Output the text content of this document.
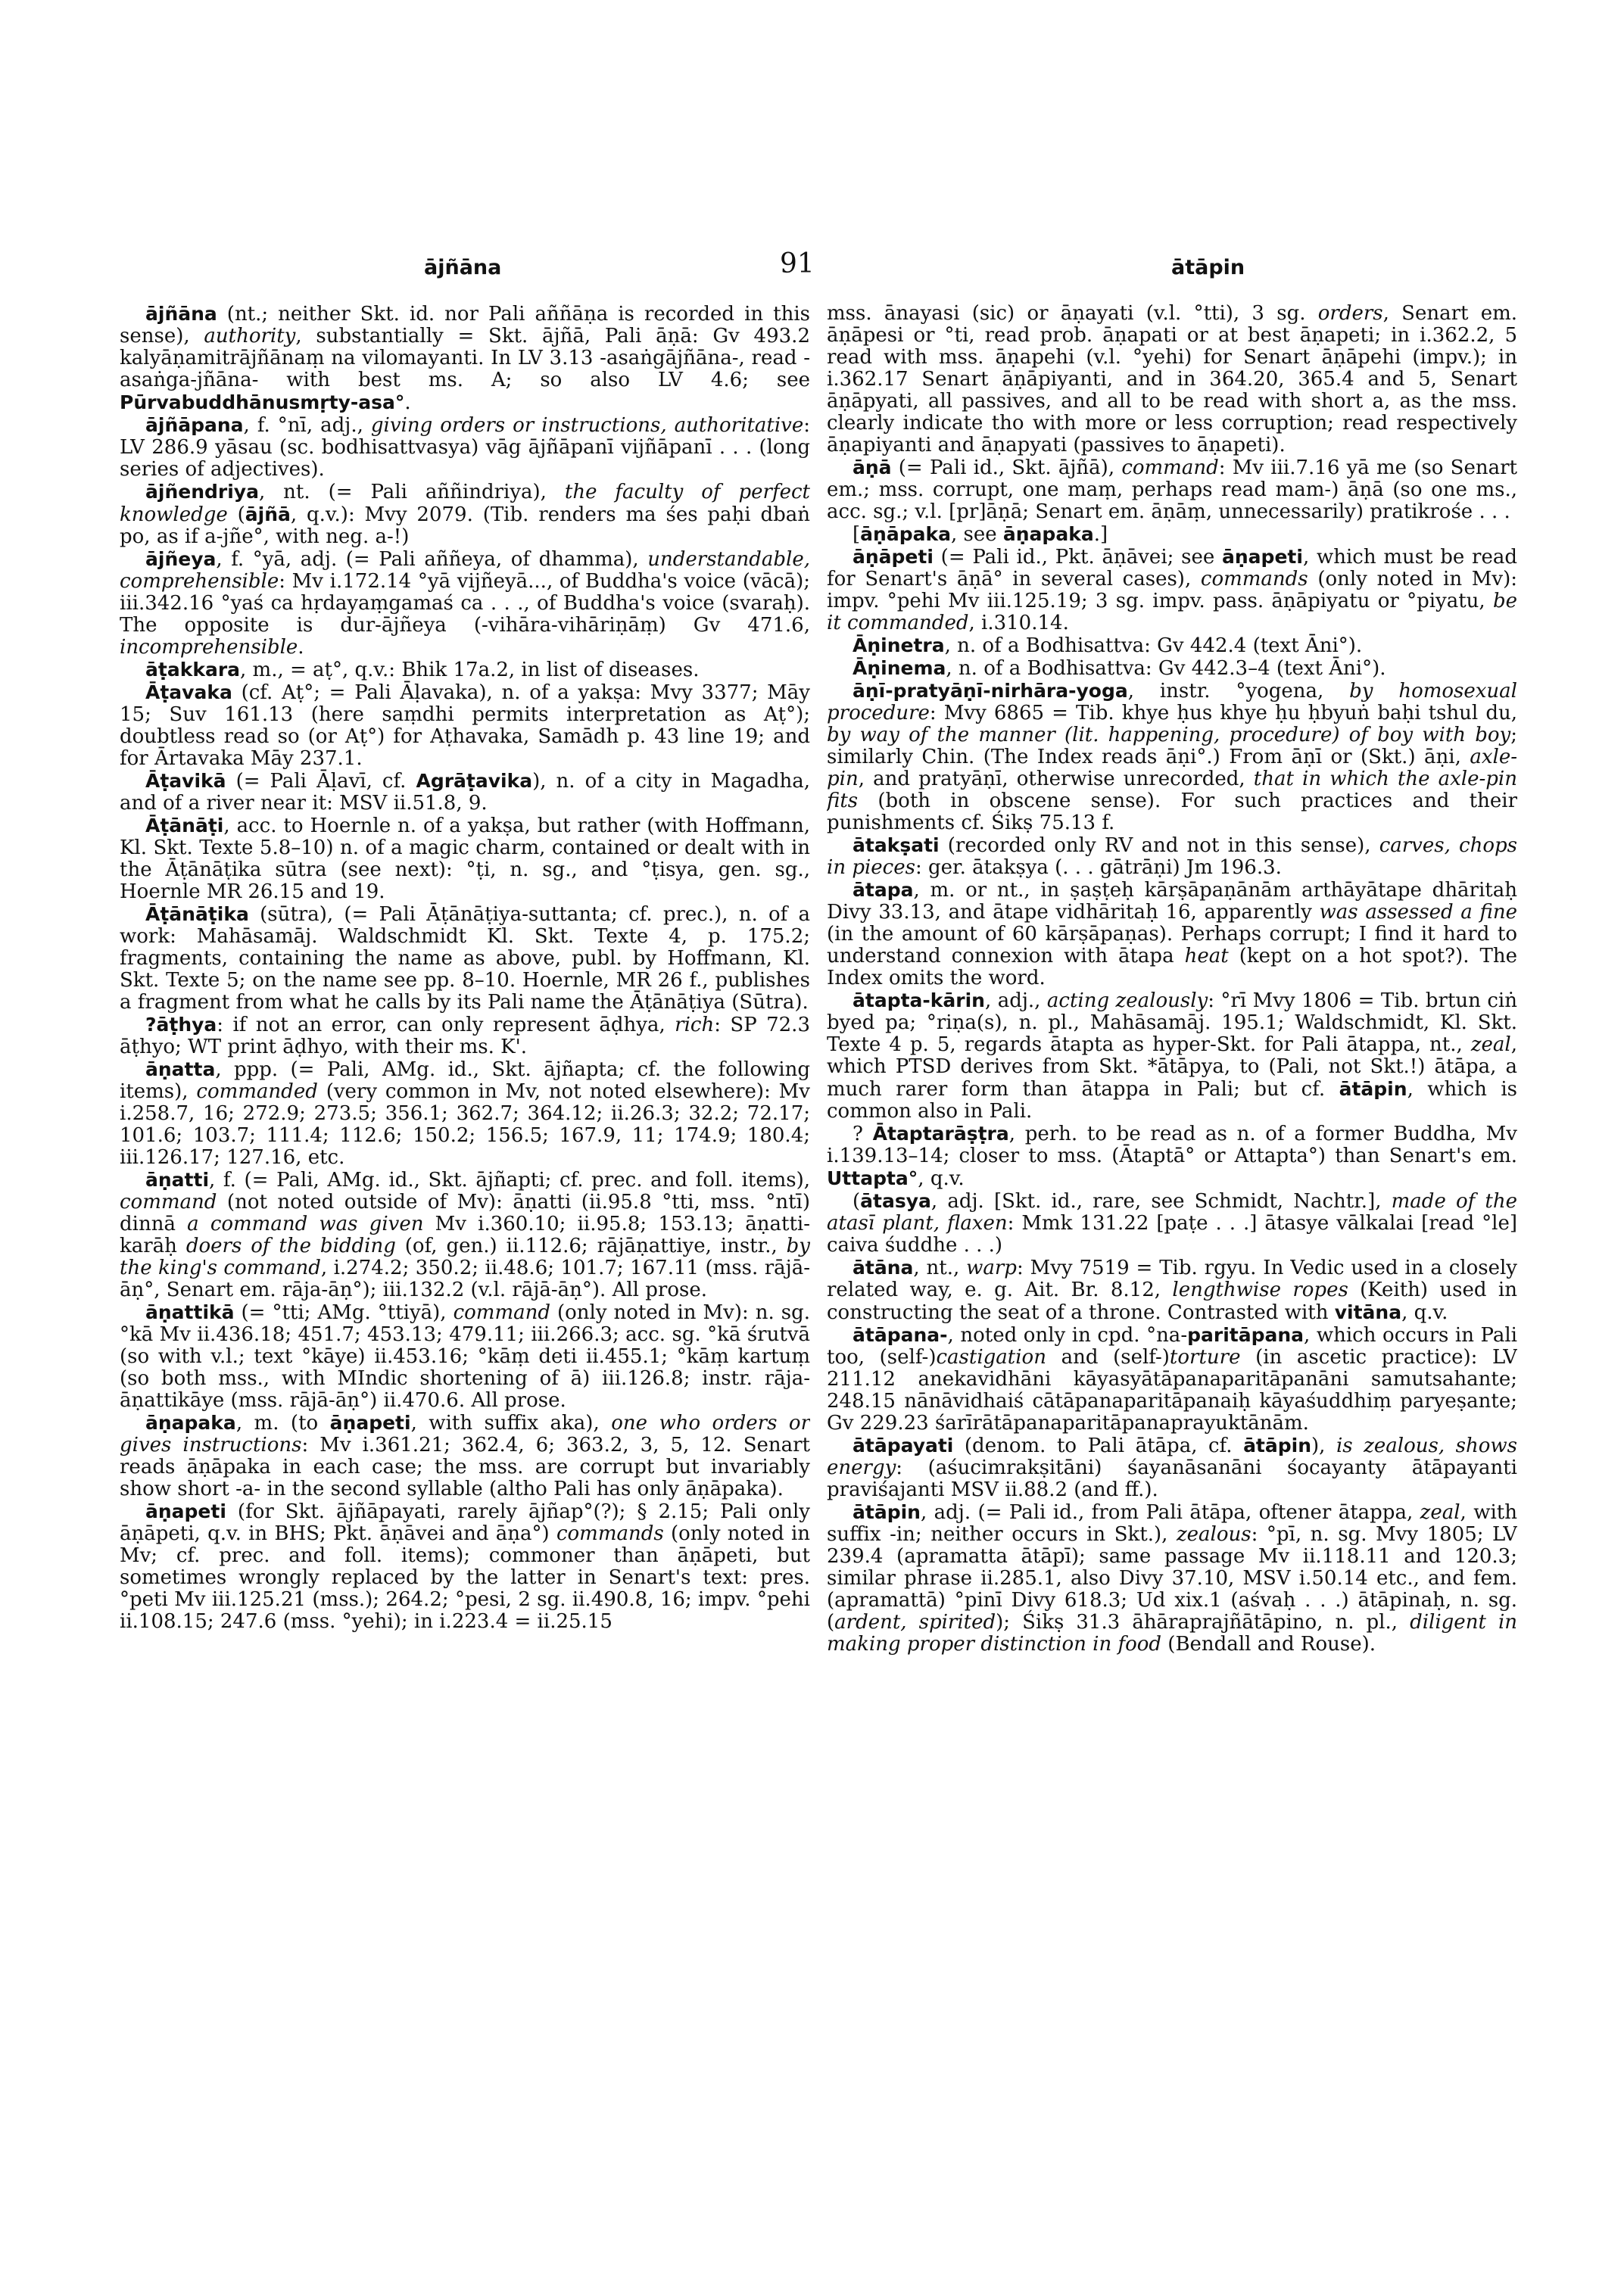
ājñāna	91	ātāpin

ājñāna (nt.; neither Skt. id. nor Pali aññāṇa is recorded in this sense), authority, substantially = Skt. ājñā, Pali āṇā: Gv 493.2 kalyāṇamitrājñānaṃ na vilomayanti. In LV 3.13 -asaṅgājñāna-, read -asaṅga-jñāna- with best ms. A; so also LV 4.6; see Pūrvabuddhānusmṛty-asa°.

ājñāpana, f. °nī, adj., giving orders or instructions, authoritative: LV 286.9 yāsau (sc. bodhisattvasya) vāg ājñāpanī vijñāpanī . . . (long series of adjectives).

ājñendriya, nt. (= Pali aññindriya), the faculty of perfect knowledge (ājñā, q.v.): Mvy 2079. (Tib. renders ma śes paḥi dbaṅ po, as if a-jñe°, with neg. a-!)

ājñeya, f. °yā, adj. (= Pali aññeya, of dhamma), understandable, comprehensible: Mv i.172.14 °yā vijñeyā..., of Buddha's voice (vācā); iii.342.16 °yaś ca hṛdayaṃgamaś ca . . ., of Buddha's voice (svaraḥ). The opposite is dur-ājñeya (-vihāra-vihāriṇāṃ) Gv 471.6, incomprehensible.

āṭakkara, m., = aṭ°, q.v.: Bhik 17a.2, in list of diseases.

Āṭavaka (cf. Aṭ°; = Pali Āḷavaka), n. of a yakṣa: Mvy 3377; Māy 15; Suv 161.13 (here saṃdhi permits interpretation as Aṭ°); doubtless read so (or Aṭ°) for Aṭhavaka, Samādh p. 43 line 19; and for Ārtavaka Māy 237.1.

Āṭavikā (= Pali Āḷavī, cf. Agrāṭavika), n. of a city in Magadha, and of a river near it: MSV ii.51.8, 9.

Āṭānāṭi, acc. to Hoernle n. of a yakṣa, but rather (with Hoffmann, Kl. Skt. Texte 5.8–10) n. of a magic charm, contained or dealt with in the Āṭānāṭika sūtra (see next): °ṭi, n. sg., and °ṭisya, gen. sg., Hoernle MR 26.15 and 19.

Āṭānāṭika (sūtra), (= Pali Āṭānāṭiya-suttanta; cf. prec.), n. of a work: Mahāsamāj. Waldschmidt Kl. Skt. Texte 4, p. 175.2; fragments, containing the name as above, publ. by Hoffmann, Kl. Skt. Texte 5; on the name see pp. 8–10. Hoernle, MR 26 f., publishes a fragment from what he calls by its Pali name the Āṭānāṭiya (Sūtra).

?āṭhya: if not an error, can only represent āḍhya, rich: SP 72.3 āṭhyo; WT print āḍhyo, with their ms. K'.

āṇatta, ppp. (= Pali, AMg. id., Skt. ājñapta; cf. the following items), commanded (very common in Mv, not noted elsewhere): Mv i.258.7, 16; 272.9; 273.5; 356.1; 362.7; 364.12; ii.26.3; 32.2; 72.17; 101.6; 103.7; 111.4; 112.6; 150.2; 156.5; 167.9, 11; 174.9; 180.4; iii.126.17; 127.16, etc.

āṇatti, f. (= Pali, AMg. id., Skt. ājñapti; cf. prec. and foll. items), command (not noted outside of Mv): āṇatti (ii.95.8 °tti, mss. °ntī) dinnā a command was given Mv i.360.10; ii.95.8; 153.13; āṇatti-karāḥ doers of the bidding (of, gen.) ii.112.6; rājāṇattiye, instr., by the king's command, i.274.2; 350.2; ii.48.6; 101.7; 167.11 (mss. rājā-āṇ°, Senart em. rāja-āṇ°); iii.132.2 (v.l. rājā-āṇ°). All prose.

āṇattikā (= °tti; AMg. °ttiyā), command (only noted in Mv): n. sg. °kā Mv ii.436.18; 451.7; 453.13; 479.11; iii.266.3; acc. sg. °kā śrutvā (so with v.l.; text °kāye) ii.453.16; °kāṃ deti ii.455.1; °kāṃ kartuṃ (so both mss., with MIndic shortening of ā) iii.126.8; instr. rāja-āṇattikāye (mss. rājā-āṇ°) ii.470.6. All prose.

āṇapaka, m. (to āṇapeti, with suffix aka), one who orders or gives instructions: Mv i.361.21; 362.4, 6; 363.2, 3, 5, 12. Senart reads āṇāpaka in each case; the mss. are corrupt but invariably show short -a- in the second syllable (altho Pali has only āṇāpaka).

āṇapeti (for Skt. ājñāpayati, rarely ājñap°(?); § 2.15; Pali only āṇāpeti, q.v. in BHS; Pkt. āṇāvei and āṇa°) commands (only noted in Mv; cf. prec. and foll. items); commoner than āṇāpeti, but sometimes wrongly replaced by the latter in Senart's text: pres. °peti Mv iii.125.21 (mss.); 264.2; °pesi, 2 sg. ii.490.8, 16; impv. °pehi ii.108.15; 247.6 (mss. °yehi); in i.223.4 = ii.25.15

mss. ānayasi (sic) or āṇayati (v.l. °tti), 3 sg. orders, Senart em. āṇāpesi or °ti, read prob. āṇapati or at best āṇapeti; in i.362.2, 5 read with mss. āṇapehi (v.l. °yehi) for Senart āṇāpehi (impv.); in i.362.17 Senart āṇāpiyanti, and in 364.20, 365.4 and 5, Senart āṇāpyati, all passives, and all to be read with short a, as the mss. clearly indicate tho with more or less corruption; read respectively āṇapiyanti and āṇapyati (passives to āṇapeti).

āṇā (= Pali id., Skt. ājñā), command: Mv iii.7.16 yā me (so Senart em.; mss. corrupt, one maṃ, perhaps read mam-) āṇā (so one ms., acc. sg.; v.l. [pr]āṇā; Senart em. āṇāṃ, unnecessarily) pratikrośe . . .

[āṇāpaka, see āṇapaka.]

āṇāpeti (= Pali id., Pkt. āṇāvei; see āṇapeti, which must be read for Senart's āṇā° in several cases), commands (only noted in Mv): impv. °pehi Mv iii.125.19; 3 sg. impv. pass. āṇāpiyatu or °piyatu, be it commanded, i.310.14.

Āṇinetra, n. of a Bodhisattva: Gv 442.4 (text Āni°).

Āṇinema, n. of a Bodhisattva: Gv 442.3–4 (text Āni°).

āṇī-pratyāṇī-nirhāra-yoga, instr. °yogena, by homosexual procedure: Mvy 6865 = Tib. khye ḥus khye ḥu ḥbyuṅ baḥi tshul du, by way of the manner (lit. happening, procedure) of boy with boy; similarly Chin. (The Index reads āṇi°.) From āṇī or (Skt.) āṇi, axle-pin, and pratyāṇī, otherwise unrecorded, that in which the axle-pin fits (both in obscene sense). For such practices and their punishments cf. Śikṣ 75.13 f.

ātakṣati (recorded only RV and not in this sense), carves, chops in pieces: ger. ātakṣya (. . . gātrāṇi) Jm 196.3.

ātapa, m. or nt., in ṣaṣṭeḥ kārṣāpaṇānām arthāyātape dhāritaḥ Divy 33.13, and ātape vidhāritaḥ 16, apparently was assessed a fine (in the amount of 60 kārṣāpaṇas). Perhaps corrupt; I find it hard to understand connexion with ātapa heat (kept on a hot spot?). The Index omits the word.

ātapta-kārin, adj., acting zealously: °rī Mvy 1806 = Tib. brtun ciṅ byed pa; °riṇa(s), n. pl., Mahāsamāj. 195.1; Waldschmidt, Kl. Skt. Texte 4 p. 5, regards ātapta as hyper-Skt. for Pali ātappa, nt., zeal, which PTSD derives from Skt. *ātāpya, to (Pali, not Skt.!) ātāpa, a much rarer form than ātappa in Pali; but cf. ātāpin, which is common also in Pali.

? Ātaptarāṣṭra, perh. to be read as n. of a former Buddha, Mv i.139.13–14; closer to mss. (Ātaptā° or Attapta°) than Senart's em. Uttapta°, q.v.

(ātasya, adj. [Skt. id., rare, see Schmidt, Nachtr.], made of the atasī plant, flaxen: Mmk 131.22 [paṭe . . .] ātasye vālkalai [read °le] caiva śuddhe . . .)

ātāna, nt., warp: Mvy 7519 = Tib. rgyu. In Vedic used in a closely related way, e. g. Ait. Br. 8.12, lengthwise ropes (Keith) used in constructing the seat of a throne. Contrasted with vitāna, q.v.

ātāpana-, noted only in cpd. °na-paritāpana, which occurs in Pali too, (self-)castigation and (self-)torture (in ascetic practice): LV 211.12 anekavidhāni kāyasyātāpanaparitāpanāni samutsahante; 248.15 nānāvidhaiś cātāpanaparitāpanaiḥ kāyaśuddhiṃ paryeṣante; Gv 229.23 śarīrātāpanaparitāpanaprayuktānām.

ātāpayati (denom. to Pali ātāpa, cf. ātāpin), is zealous, shows energy: (aśucimrakṣitāni) śayanāsanāni śocayanty ātāpayanti praviśajanti MSV ii.88.2 (and ff.).

ātāpin, adj. (= Pali id., from Pali ātāpa, oftener ātappa, zeal, with suffix -in; neither occurs in Skt.), zealous: °pī, n. sg. Mvy 1805; LV 239.4 (apramatta ātāpī); same passage Mv ii.118.11 and 120.3; similar phrase ii.285.1, also Divy 37.10, MSV i.50.14 etc., and fem. (apramattā) °pinī Divy 618.3; Ud xix.1 (aśvaḥ . . .) ātāpinaḥ, n. sg. (ardent, spirited); Śikṣ 31.3 āhāraprajñātāpino, n. pl., diligent in making proper distinction in food (Bendall and Rouse).
